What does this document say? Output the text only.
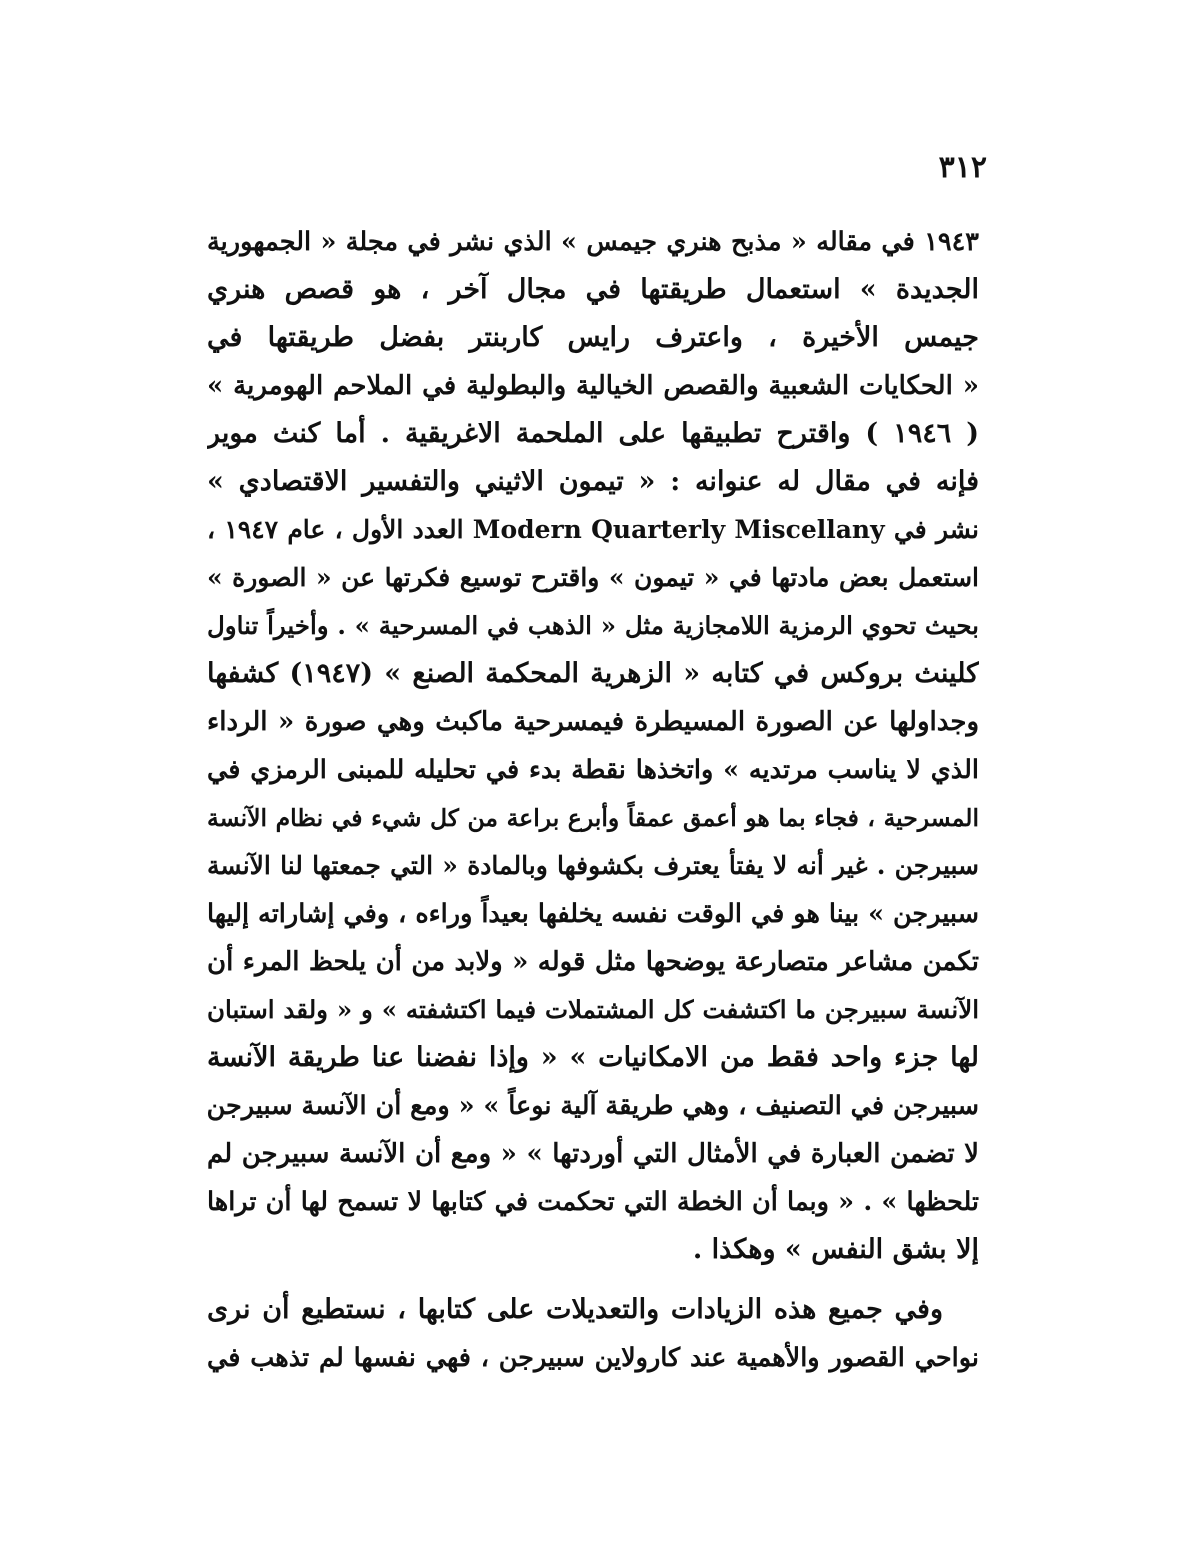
٣١٢
١٩٤٣ في مقاله « مذبح هنري جيمس » الذي نشر في مجلة « الجمهورية
الجديدة » استعمال طريقتها في مجال آخر ، هو قصص هنري
جيمس الأخيرة ، واعترف رايس كاربنتر بفضل طريقتها في
« الحكايات الشعبية والقصص الخيالية والبطولية في الملاحم الهومرية »
( ١٩٤٦ ) واقترح تطبيقها على الملحمة الاغريقية . أما كنث موير
فإنه في مقال له عنوانه : « تيمون الاثيني والتفسير الاقتصادي »
نشر في Modern Quarterly Miscellany العدد الأول ، عام ١٩٤٧ ،
استعمل بعض مادتها في « تيمون » واقترح توسيع فكرتها عن « الصورة »
بحيث تحوي الرمزية اللامجازية مثل « الذهب في المسرحية » . وأخيراً تناول
كلينث بروكس في كتابه « الزهرية المحكمة الصنع » (١٩٤٧) كشفها
وجداولها عن الصورة المسيطرة فيمسرحية ماكبث وهي صورة « الرداء
الذي لا يناسب مرتديه » واتخذها نقطة بدء في تحليله للمبنى الرمزي في
المسرحية ، فجاء بما هو أعمق عمقاً وأبرع براعة من كل شيء في نظام الآنسة
سبيرجن . غير أنه لا يفتأ يعترف بكشوفها وبالمادة « التي جمعتها لنا الآنسة
سبيرجن » بينا هو في الوقت نفسه يخلفها بعيداً وراءه ، وفي إشاراته إليها
تكمن مشاعر متصارعة يوضحها مثل قوله « ولابد من أن يلحظ المرء أن
الآنسة سبيرجن ما اكتشفت كل المشتملات فيما اكتشفته » و « ولقد استبان
لها جزء واحد فقط من الامكانيات » « وإذا نفضنا عنا طريقة الآنسة
سبيرجن في التصنيف ، وهي طريقة آلية نوعاً » « ومع أن الآنسة سبيرجن
لا تضمن العبارة في الأمثال التي أوردتها » « ومع أن الآنسة سبيرجن لم
تلحظها » . « وبما أن الخطة التي تحكمت في كتابها لا تسمح لها أن تراها
إلا بشق النفس » وهكذا .
وفي جميع هذه الزيادات والتعديلات على كتابها ، نستطيع أن نرى
نواحي القصور والأهمية عند كارولاين سبيرجن ، فهي نفسها لم تذهب في
